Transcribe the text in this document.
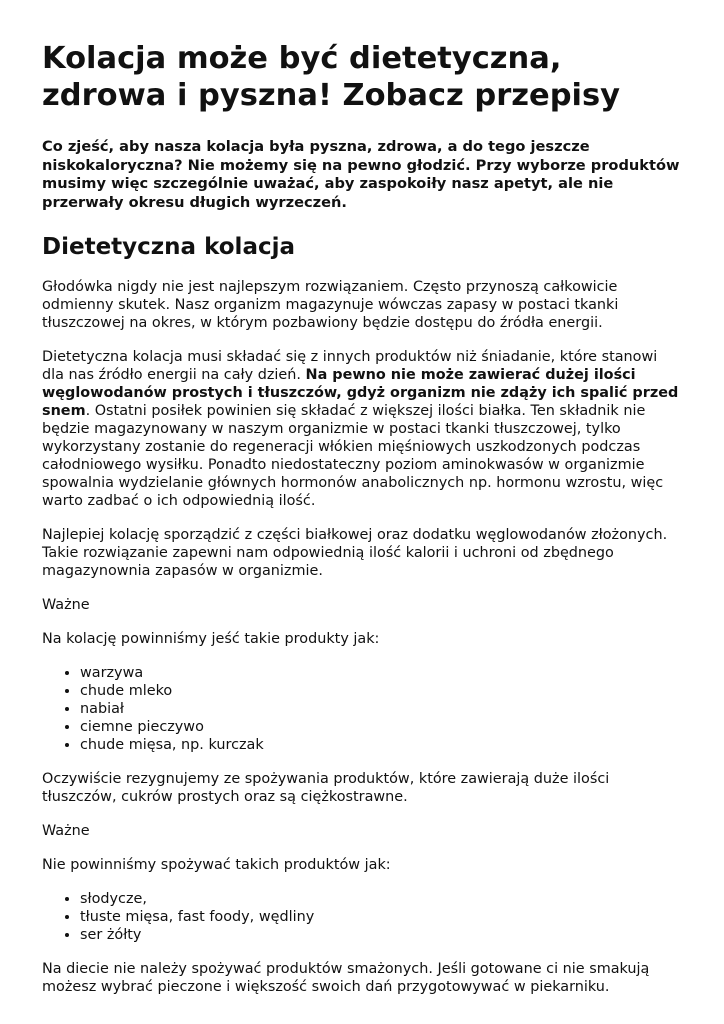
Kolacja może być dietetyczna, zdrowa i pyszna! Zobacz przepisy

Co zjeść, aby nasza kolacja była pyszna, zdrowa, a do tego jeszcze niskokaloryczna? Nie możemy się na pewno głodzić. Przy wyborze produktów musimy więc szczególnie uważać, aby zaspokoiły nasz apetyt, ale nie przerwały okresu długich wyrzeczeń.

Dietetyczna kolacja

Głodówka nigdy nie jest najlepszym rozwiązaniem. Często przynoszą całkowicie odmienny skutek. Nasz organizm magazynuje wówczas zapasy w postaci tkanki tłuszczowej na okres, w którym pozbawiony będzie dostępu do źródła energii.

Dietetyczna kolacja musi składać się z innych produktów niż śniadanie, które stanowi dla nas źródło energii na cały dzień. Na pewno nie może zawierać dużej ilości węglowodanów prostych i tłuszczów, gdyż organizm nie zdąży ich spalić przed snem. Ostatni posiłek powinien się składać z większej ilości białka. Ten składnik nie będzie magazynowany w naszym organizmie w postaci tkanki tłuszczowej, tylko wykorzystany zostanie do regeneracji włókien mięśniowych uszkodzonych podczas całodniowego wysiłku. Ponadto niedostateczny poziom aminokwasów w organizmie spowalnia wydzielanie głównych hormonów anabolicznych np. hormonu wzrostu, więc warto zadbać o ich odpowiednią ilość.

Najlepiej kolację sporządzić z części białkowej oraz dodatku węglowodanów złożonych. Takie rozwiązanie zapewni nam odpowiednią ilość kalorii i uchroni od zbędnego magazynownia zapasów w organizmie.

Ważne

Na kolację powinniśmy jeść takie produkty jak:

• warzywa
• chude mleko
• nabiał
• ciemne pieczywo
• chude mięsa, np. kurczak

Oczywiście rezygnujemy ze spożywania produktów, które zawierają duże ilości tłuszczów, cukrów prostych oraz są ciężkostrawne.

Ważne

Nie powinniśmy spożywać takich produktów jak:

• słodycze,
• tłuste mięsa, fast foody, wędliny
• ser żółty

Na diecie nie należy spożywać produktów smażonych. Jeśli gotowane ci nie smakują możesz wybrać pieczone i większość swoich dań przygotowywać w piekarniku.
